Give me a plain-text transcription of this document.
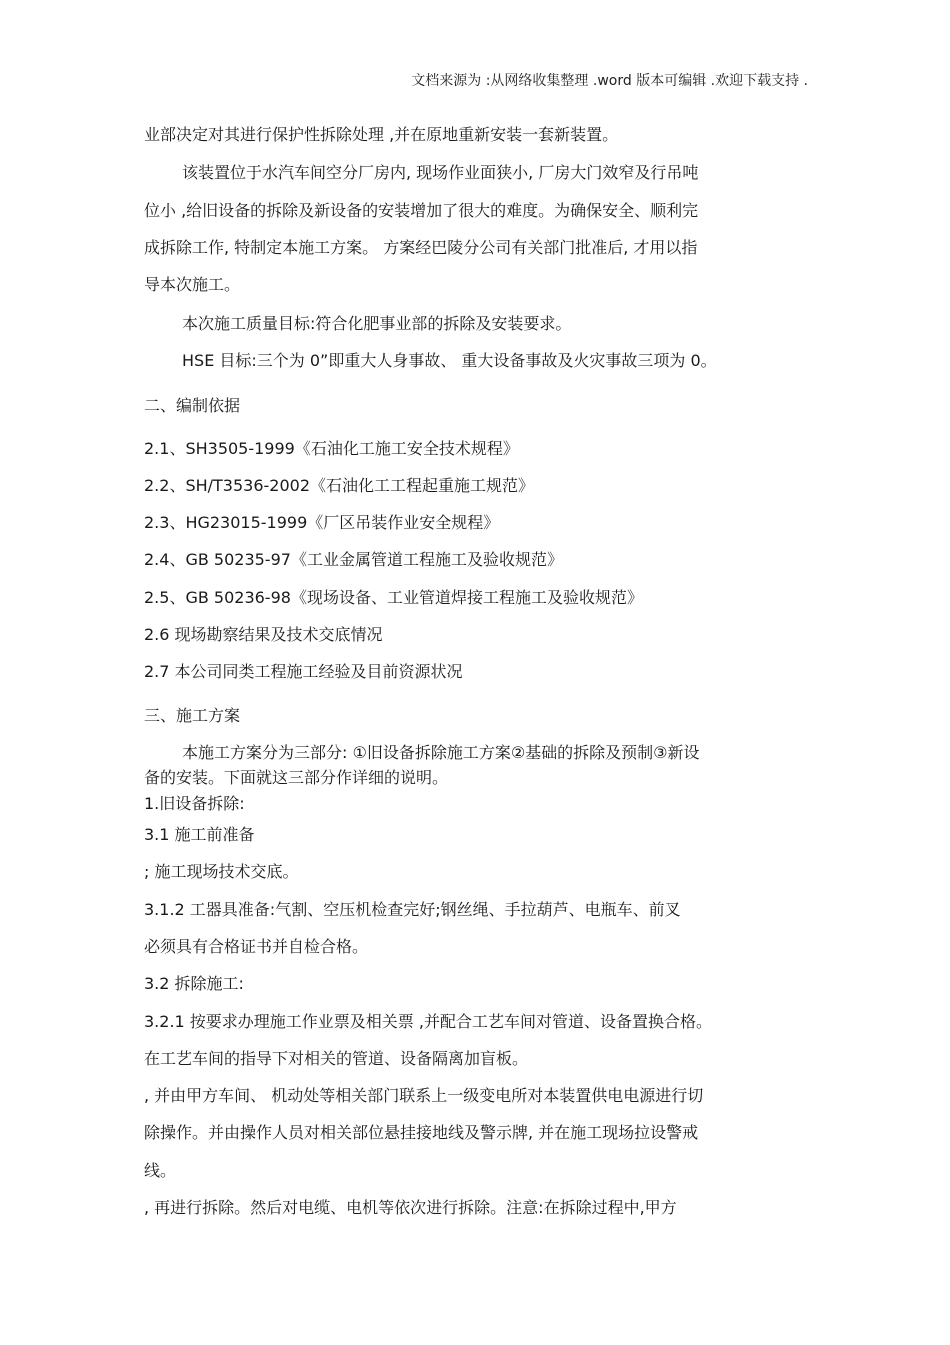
文档来源为 :从网络收集整理 .word 版本可编辑 .欢迎下载支持 .
业部决定对其进行保护性拆除处理 ,并在原地重新安装一套新装置。
该装置位于水汽车间空分厂房内, 现场作业面狭小, 厂房大门效窄及行吊吨
位小 ,给旧设备的拆除及新设备的安装增加了很大的难度。为确保安全、顺利完
成拆除工作, 特制定本施工方案。 方案经巴陵分公司有关部门批准后, 才用以指
导本次施工。
本次施工质量目标:符合化肥事业部的拆除及安装要求。
HSE 目标:三个为 0”即重大人身事故、 重大设备事故及火灾事故三项为 0。
二、编制依据
2.1、SH3505-1999《石油化工施工安全技术规程》
2.2、SH/T3536-2002《石油化工工程起重施工规范》
2.3、HG23015-1999《厂区吊装作业安全规程》
2.4、GB 50235-97《工业金属管道工程施工及验收规范》
2.5、GB 50236-98《现场设备、工业管道焊接工程施工及验收规范》
2.6 现场勘察结果及技术交底情况
2.7 本公司同类工程施工经验及目前资源状况
三、施工方案
本施工方案分为三部分: ①旧设备拆除施工方案②基础的拆除及预制③新设
备的安装。下面就这三部分作详细的说明。
1.旧设备拆除:
3.1 施工前准备
; 施工现场技术交底。
3.1.2 工器具准备:气割、空压机检查完好;钢丝绳、手拉葫芦、电瓶车、前叉
必须具有合格证书并自检合格。
3.2 拆除施工:
3.2.1 按要求办理施工作业票及相关票 ,并配合工艺车间对管道、设备置换合格。
在工艺车间的指导下对相关的管道、设备隔离加盲板。
, 并由甲方车间、 机动处等相关部门联系上一级变电所对本装置供电电源进行切
除操作。并由操作人员对相关部位悬挂接地线及警示牌, 并在施工现场拉设警戒
线。
, 再进行拆除。然后对电缆、电机等依次进行拆除。注意:在拆除过程中,甲方
